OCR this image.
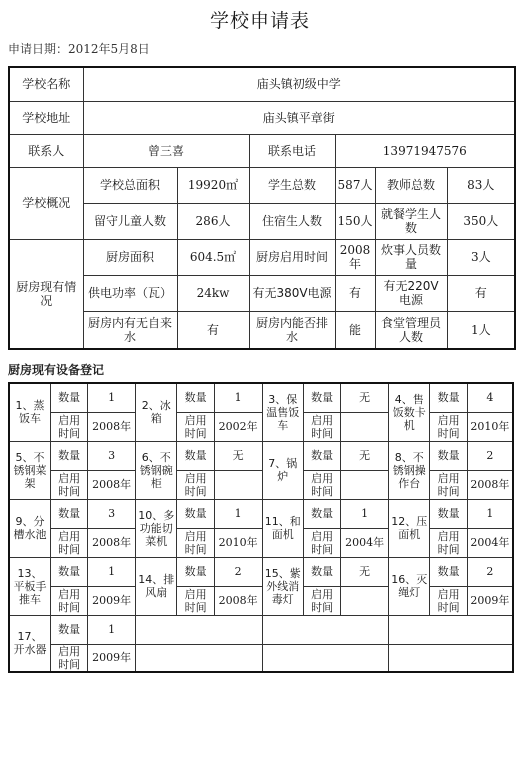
学校申请表
申请日期：2012年5月8日
学校名称	庙头镇初级中学					
学校地址	庙头镇平章街					
联系人	曾三喜		联系电话	13971947576		
学校概况	学校总面积	19920㎡	学生总数	587人	教师总数	83人
	留守儿童人数	286人	住宿生人数	150人	就餐学生人数	350人
厨房现有情况	厨房面积	604.5㎡	厨房启用时间	2008年	炊事人员数量	3人
	供电功率（瓦）	24kw	有无380V电源	有	有无220V电源	有
	厨房内有无自来水	有	厨房内能否排水	能	食堂管理员人数	1人
厨房现有设备登记
1、蒸饭车	数量	1	2、冰箱	数量	1	3、保温售饭车	数量	无	4、售饭数卡机	数量	4
	启用时间	2008年		启用时间	2002年		启用时间			启用时间	2010年
5、不锈钢菜架	数量	3	6、不锈钢碗柜	数量	无	7、锅炉	数量	无	8、不锈钢操作台	数量	2
	启用时间	2008年		启用时间			启用时间			启用时间	2008年
9、分槽水池	数量	3	10、多功能切菜机	数量	1	11、和面机	数量	1	12、压面机	数量	1
	启用时间	2008年		启用时间	2010年		启用时间	2004年		启用时间	2004年
13、平板手推车	数量	1	14、排风扇	数量	2	15、紫外线消毒灯	数量	无	16、灭绳灯	数量	2
	启用时间	2009年		启用时间	2008年		启用时间			启用时间	2009年
17、开水器	数量	1									
	启用时间	2009年									
